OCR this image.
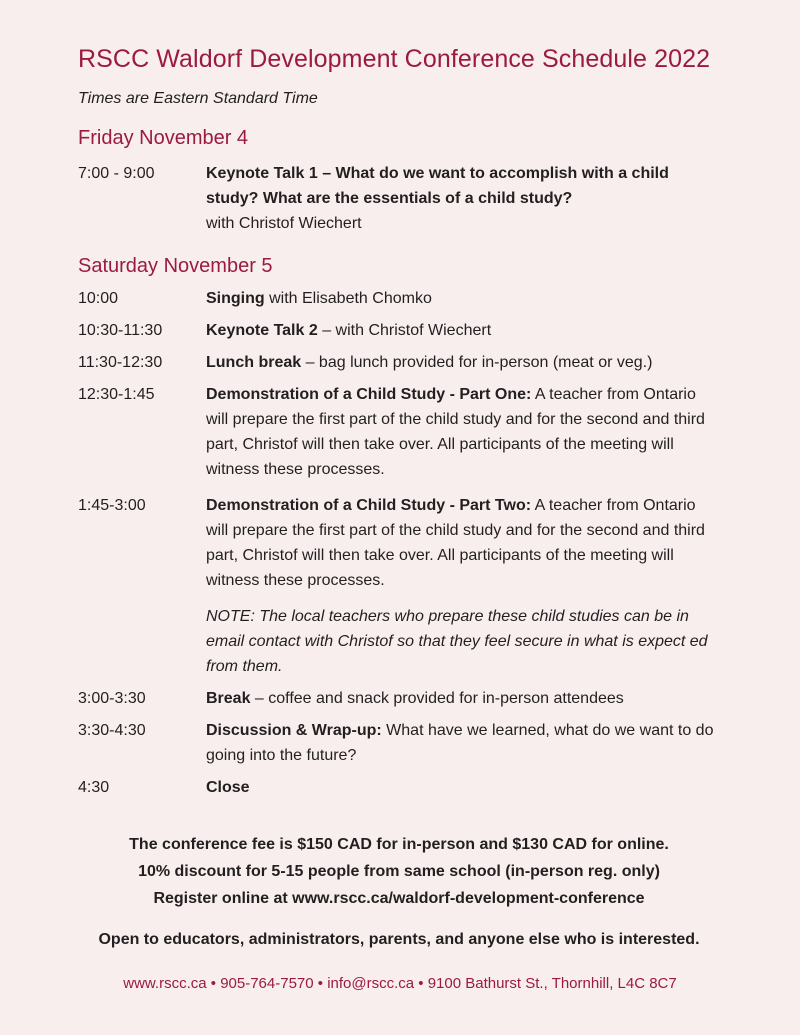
RSCC Waldorf Development Conference Schedule 2022
Times are Eastern Standard Time
Friday November 4
7:00 - 9:00	Keynote Talk 1 – What do we want to accomplish with a child study? What are the essentials of a child study?
with Christof Wiechert
Saturday November 5
10:00	Singing with Elisabeth Chomko
10:30-11:30	Keynote Talk 2 – with Christof Wiechert
11:30-12:30	Lunch break – bag lunch provided for in-person (meat or veg.)
12:30-1:45	Demonstration of a Child Study - Part One: A teacher from Ontario will prepare the first part of the child study and for the second and third part, Christof will then take over. All participants of the meeting will witness these processes.
1:45-3:00	Demonstration of a Child Study - Part Two: A teacher from Ontario will prepare the first part of the child study and for the second and third part, Christof will then take over. All participants of the meeting will witness these processes.
NOTE: The local teachers who prepare these child studies can be in email contact with Christof so that they feel secure in what is expect ed from them.
3:00-3:30	Break – coffee and snack provided for in-person attendees
3:30-4:30	Discussion & Wrap-up: What have we learned, what do we want to do going into the future?
4:30	Close
The conference fee is $150 CAD for in-person and $130 CAD for online.
10% discount for 5-15 people from same school (in-person reg. only)
Register online at www.rscc.ca/waldorf-development-conference
Open to educators, administrators, parents, and anyone else who is interested.
www.rscc.ca • 905-764-7570 • info@rscc.ca • 9100 Bathurst St., Thornhill, L4C 8C7
